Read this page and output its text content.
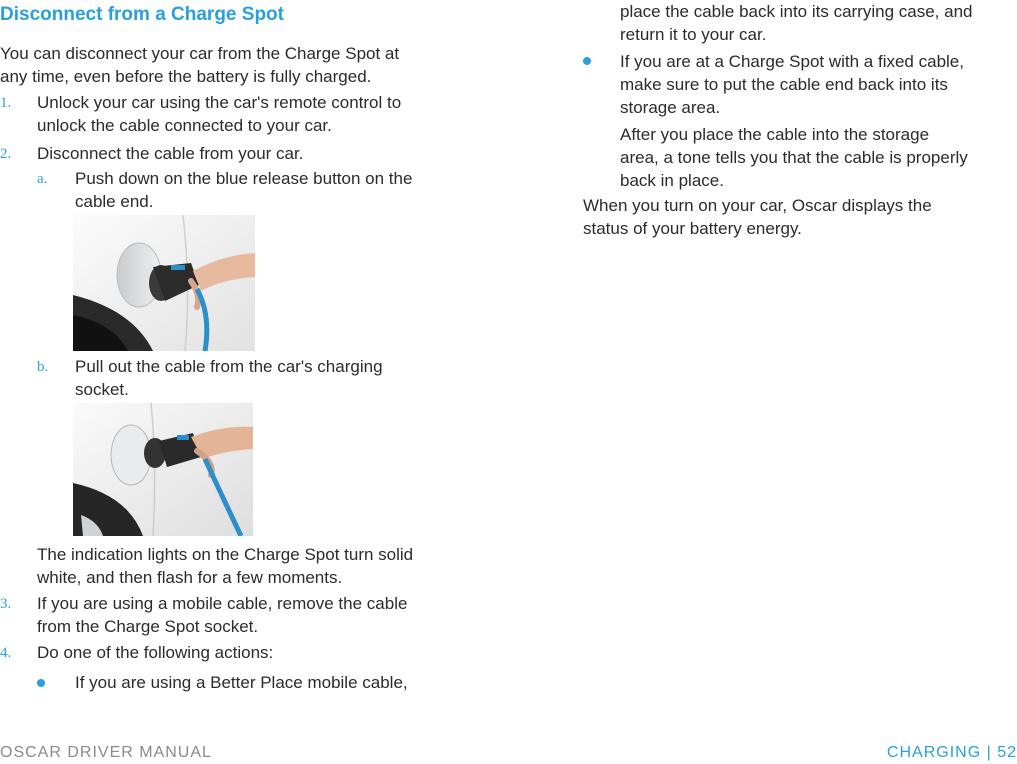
Disconnect from a Charge Spot
You can disconnect your car from the Charge Spot at
any time, even before the battery is fully charged.
1. Unlock your car using the car's remote control to
unlock the cable connected to your car.
2. Disconnect the cable from your car.
a. Push down on the blue release button on the
cable end.
b. Pull out the cable from the car's charging
socket.
The indication lights on the Charge Spot turn solid
white, and then flash for a few moments.
3. If you are using a mobile cable, remove the cable
from the Charge Spot socket.
4. Do one of the following actions:
If you are using a Better Place mobile cable,
place the cable back into its carrying case, and
return it to your car.
If you are at a Charge Spot with a fixed cable,
make sure to put the cable end back into its
storage area.
After you place the cable into the storage
area, a tone tells you that the cable is properly
back in place.
When you turn on your car, Oscar displays the
status of your battery energy.
OSCAR DRIVER MANUAL	CHARGING | 52
